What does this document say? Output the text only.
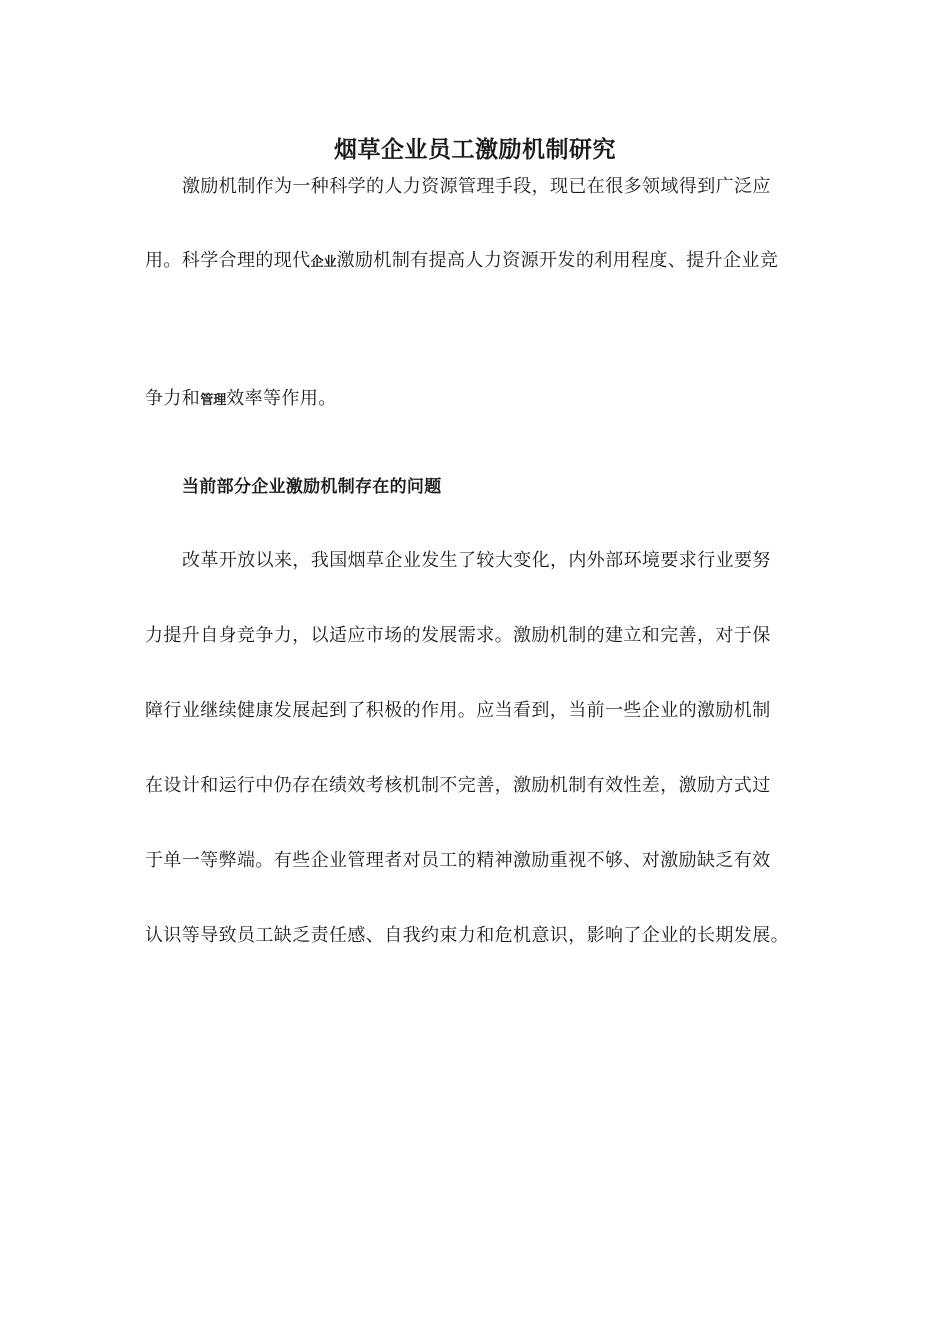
烟草企业员工激励机制研究
激励机制作为一种科学的人力资源管理手段，现已在很多领域得到广泛应
用。科学合理的现代企业激励机制有提高人力资源开发的利用程度、提升企业竞
争力和管理效率等作用。
当前部分企业激励机制存在的问题
改革开放以来，我国烟草企业发生了较大变化，内外部环境要求行业要努
力提升自身竞争力，以适应市场的发展需求。激励机制的建立和完善，对于保
障行业继续健康发展起到了积极的作用。应当看到，当前一些企业的激励机制
在设计和运行中仍存在绩效考核机制不完善，激励机制有效性差，激励方式过
于单一等弊端。有些企业管理者对员工的精神激励重视不够、对激励缺乏有效
认识等导致员工缺乏责任感、自我约束力和危机意识，影响了企业的长期发展。
